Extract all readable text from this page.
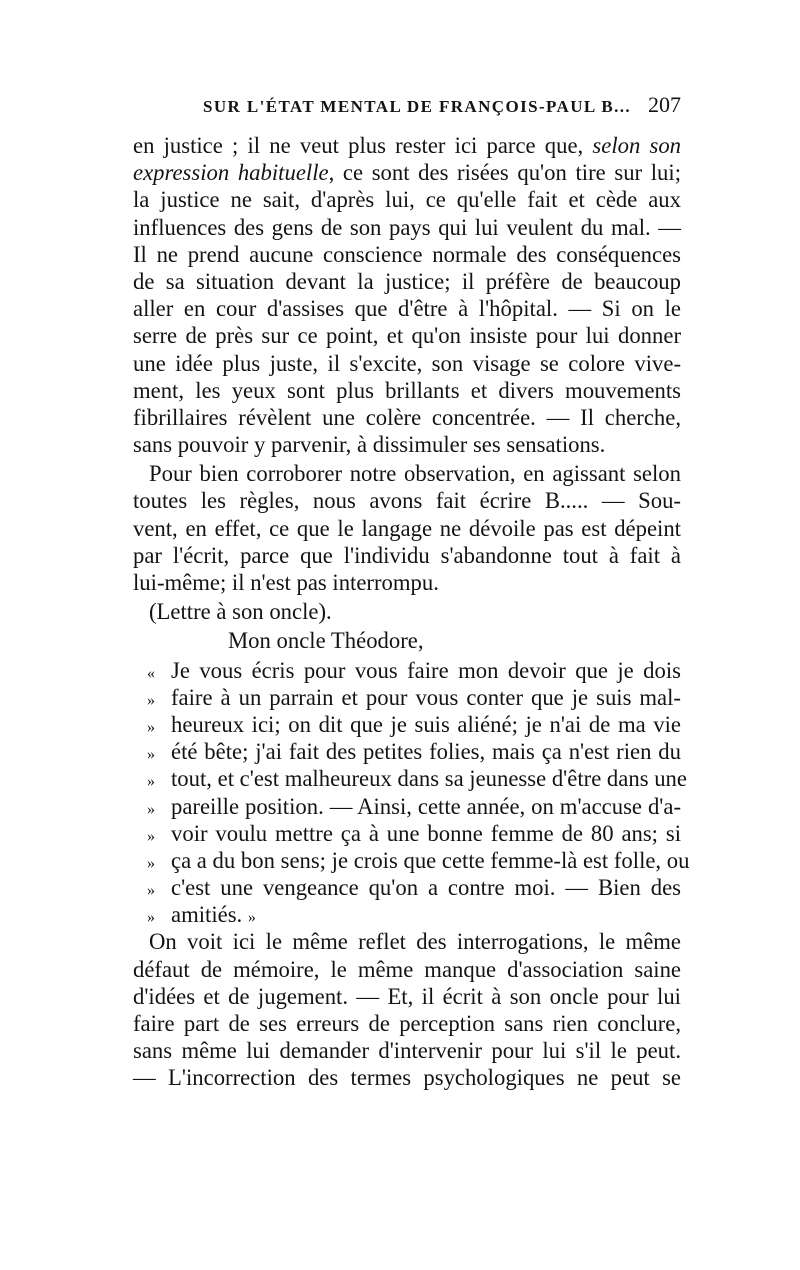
SUR L'ÉTAT MENTAL DE FRANÇOIS-PAUL B... 207
en justice ; il ne veut plus rester ici parce que, selon son
expression habituelle, ce sont des risées qu'on tire sur lui;
la justice ne sait, d'après lui, ce qu'elle fait et cède aux
influences des gens de son pays qui lui veulent du mal. —
Il ne prend aucune conscience normale des conséquences
de sa situation devant la justice; il préfère de beaucoup
aller en cour d'assises que d'être à l'hôpital. — Si on le
serre de près sur ce point, et qu'on insiste pour lui donner
une idée plus juste, il s'excite, son visage se colore vive-
ment, les yeux sont plus brillants et divers mouvements
fibrillaires révèlent une colère concentrée. — Il cherche,
sans pouvoir y parvenir, à dissimuler ses sensations.
Pour bien corroborer notre observation, en agissant selon
toutes les règles, nous avons fait écrire B..... — Sou-
vent, en effet, ce que le langage ne dévoile pas est dépeint
par l'écrit, parce que l'individu s'abandonne tout à fait à
lui-même; il n'est pas interrompu.
(Lettre à son oncle).
Mon oncle Théodore,
« Je vous écris pour vous faire mon devoir que je dois
» faire à un parrain et pour vous conter que je suis mal-
» heureux ici; on dit que je suis aliéné; je n'ai de ma vie
» été bête; j'ai fait des petites folies, mais ça n'est rien du
» tout, et c'est malheureux dans sa jeunesse d'être dans une
» pareille position. — Ainsi, cette année, on m'accuse d'a-
» voir voulu mettre ça à une bonne femme de 80 ans; si
» ça a du bon sens; je crois que cette femme-là est folle, ou
» c'est une vengeance qu'on a contre moi. — Bien des
» amitiés. »
On voit ici le même reflet des interrogations, le même
défaut de mémoire, le même manque d'association saine
d'idées et de jugement. — Et, il écrit à son oncle pour lui
faire part de ses erreurs de perception sans rien conclure,
sans même lui demander d'intervenir pour lui s'il le peut.
— L'incorrection des termes psychologiques ne peut se
